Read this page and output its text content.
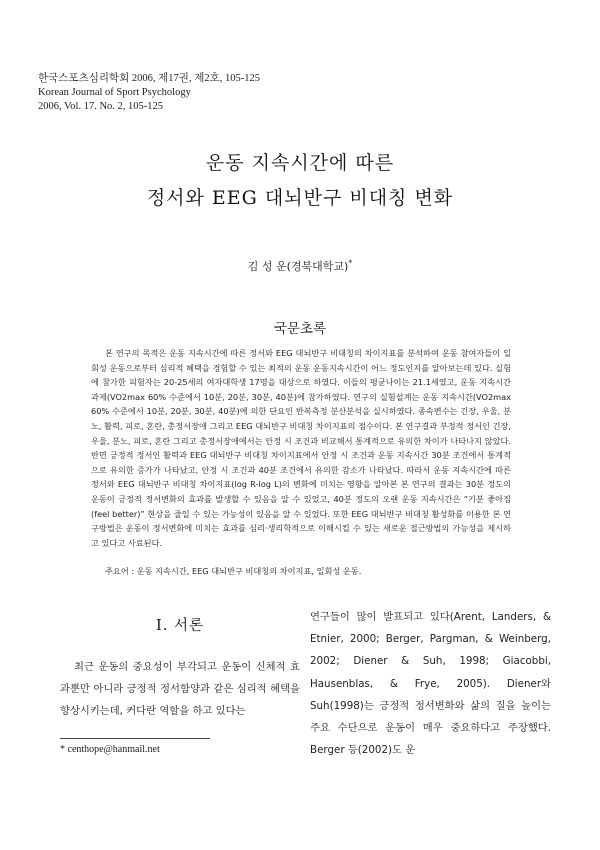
한국스포츠심리학회 2006, 제17권, 제2호, 105-125
Korean Journal of Sport Psychology
2006, Vol. 17. No. 2, 105-125
운동 지속시간에 따른
정서와 EEG 대뇌반구 비대칭 변화
김 성 운(경북대학교)*
국문초록
본 연구의 목적은 운동 지속시간에 따른 정서와 EEG 대뇌반구 비대칭의 차이지표를 분석하여 운동 참여자들이 일회성 운동으로부터 심리적 혜택을 경험할 수 있는 최적의 운동 운동지속시간이 어느 정도인지를 알아보는데 있다. 실험에 참가한 피험자는 20-25세의 여자대학생 17명을 대상으로 하였다. 이들의 평균나이는 21.1세였고, 운동 지속시간 과제(VO2max 60% 수준에서 10분, 20분, 30분, 40분)에 참가하였다. 연구의 실험설계는 운동 지속시간(VO2max 60% 수준에서 10분, 20분, 30분, 40분)에 의한 단요인 반복측정 분산분석을 실시하였다. 종속변수는 긴장, 우울, 분노, 활력, 피로, 혼란, 총정서장애 그리고 EEG 대뇌반구 비대칭 차이지표의 점수이다. 본 연구결과 부정적 정서인 긴장, 우울, 분노, 피로, 혼란 그리고 총정서장애에서는 안정 시 조건과 비교해서 통계적으로 유의한 차이가 나타나지 않았다. 반면 긍정적 정서인 활력과 EEG 대뇌반구 비대칭 차이지표에서 안정 시 조건과 운동 지속시간 30분 조건에서 통계적으로 유의한 증가가 나타났고, 안정 시 조건과 40분 조건에서 유의한 감소가 나타났다. 따라서 운동 지속시간에 따른 정서와 EEG 대뇌반구 비대칭 차이지표(log R-log L)의 변화에 미치는 영향을 알아본 본 연구의 결과는 30분 정도의 운동이 긍정적 정서변화의 효과를 발생할 수 있음을 알 수 있었고, 40분 정도의 오랜 운동 지속시간은 “기분 좋아짐(feel better)” 현상을 줄일 수 있는 가능성이 있음을 알 수 있었다. 또한 EEG 대뇌반구 비대칭 활성화를 이용한 본 연구방법은 운동이 정서변화에 미치는 효과를 심리·생리학적으로 이해시킬 수 있는 새로운 접근방법의 가능성을 제시하고 있다고 사료된다.
주요어 : 운동 지속시간, EEG 대뇌반구 비대칭의 차이지표, 일회성 운동.
Ⅰ. 서론
최근 운동의 중요성이 부각되고 운동이 신체적 효과뿐만 아니라 긍정적 정서함양과 같은 심리적 혜택을 향상시키는데, 커다란 역할을 하고 있다는
연구들이 많이 발표되고 있다(Arent, Landers, & Etnier, 2000; Berger, Pargman, & Weinberg, 2002; Diener & Suh, 1998; Giacobbi, Hausenblas, & Frye, 2005). Diener와 Suh(1998)는 긍정적 정서변화와 삶의 질을 높이는 주요 수단으로 운동이 매우 중요하다고 주장했다. Berger 등(2002)도 운
* centhope@hanmail.net
